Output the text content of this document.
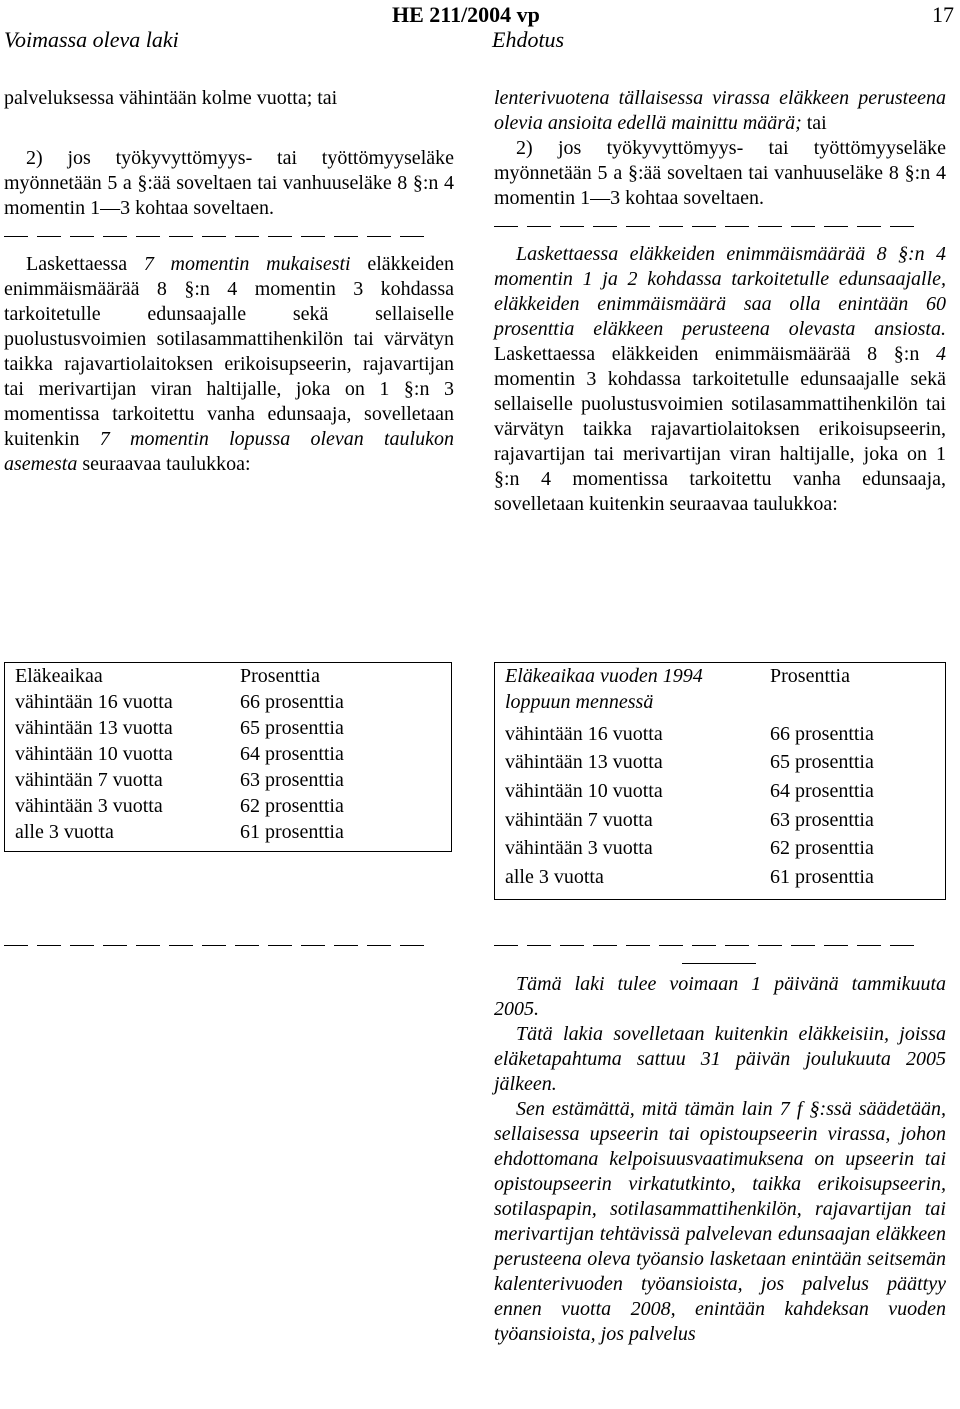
Voimassa oleva laki
HE 211/2004 vp
Ehdotus
17

palveluksessa vähintään kolme vuotta; tai

2) jos työkyvyttömyys- tai työttömyyseläke myönnetään 5 a §:ää soveltaen tai vanhuuseläke 8 §:n 4 momentin 1—3 kohtaa soveltaen.

Laskettaessa 7 momentin mukaisesti eläkkeiden enimmäismäärää 8 §:n 4 momentin 3 kohdassa tarkoitetulle edunsaajalle sekä sellaiselle puolustusvoimien sotilasammattihenkilön tai värvätyn taikka rajavartiolaitoksen erikoisupseerin, rajavartijan tai merivartijan viran haltijalle, joka on 1 §:n 3 momentissa tarkoitettu vanha edunsaaja, sovelletaan kuitenkin 7 momentin lopussa olevan taulukon asemesta seuraavaa taulukkoa:

Eläkeaikaa	Prosenttia
vähintään 16 vuotta	66 prosenttia
vähintään 13 vuotta	65 prosenttia
vähintään 10 vuotta	64 prosenttia
vähintään 7 vuotta	63 prosenttia
vähintään 3 vuotta	62 prosenttia
alle 3 vuotta	61 prosenttia

lenterivuotena tällaisessa virassa eläkkeen perusteena olevia ansioita edellä mainittu määrä; tai

2) jos työkyvyttömyys- tai työttömyyseläke myönnetään 5 a §:ää soveltaen tai vanhuuseläke 8 §:n 4 momentin 1—3 kohtaa soveltaen.

Laskettaessa eläkkeiden enimmäismäärää 8 §:n 4 momentin 1 ja 2 kohdassa tarkoitetulle edunsaajalle, eläkkeiden enimmäismäärä saa olla enintään 60 prosenttia eläkkeen perusteena olevasta ansiosta. Laskettaessa eläkkeiden enimmäismäärää 8 §:n 4 momentin 3 kohdassa tarkoitetulle edunsaajalle sekä sellaiselle puolustusvoimien sotilasammattihenkilön tai värvätyn taikka rajavartiolaitoksen erikoisupseerin, rajavartijan tai merivartijan viran haltijalle, joka on 1 §:n 4 momentissa tarkoitettu vanha edunsaaja, sovelletaan kuitenkin seuraavaa taulukkoa:

Eläkeaikaa vuoden 1994 loppuun mennessä	Prosenttia
vähintään 16 vuotta	66 prosenttia
vähintään 13 vuotta	65 prosenttia
vähintään 10 vuotta	64 prosenttia
vähintään 7 vuotta	63 prosenttia
vähintään 3 vuotta	62 prosenttia
alle 3 vuotta	61 prosenttia

Tämä laki tulee voimaan 1 päivänä tammikuuta 2005.

Tätä lakia sovelletaan kuitenkin eläkkeisiin, joissa eläketapahtuma sattuu 31 päivän joulukuuta 2005 jälkeen.

Sen estämättä, mitä tämän lain 7 f §:ssä säädetään, sellaisessa upseerin tai opistoupseerin virassa, johon ehdottomana kelpoisuusvaatimuksena on upseerin tai opistoupseerin virkatutkinto, taikka erikoisupseerin, sotilaspapin, sotilasammattihenkilön, rajavartijan tai merivartijan tehtävissä palvelevan edunsaajan eläkkeen perusteena oleva työansio lasketaan enintään seitsemän kalenterivuoden työansioista, jos palvelus päättyy ennen vuotta 2008, enintään kahdeksan vuoden työansioista, jos palvelus
